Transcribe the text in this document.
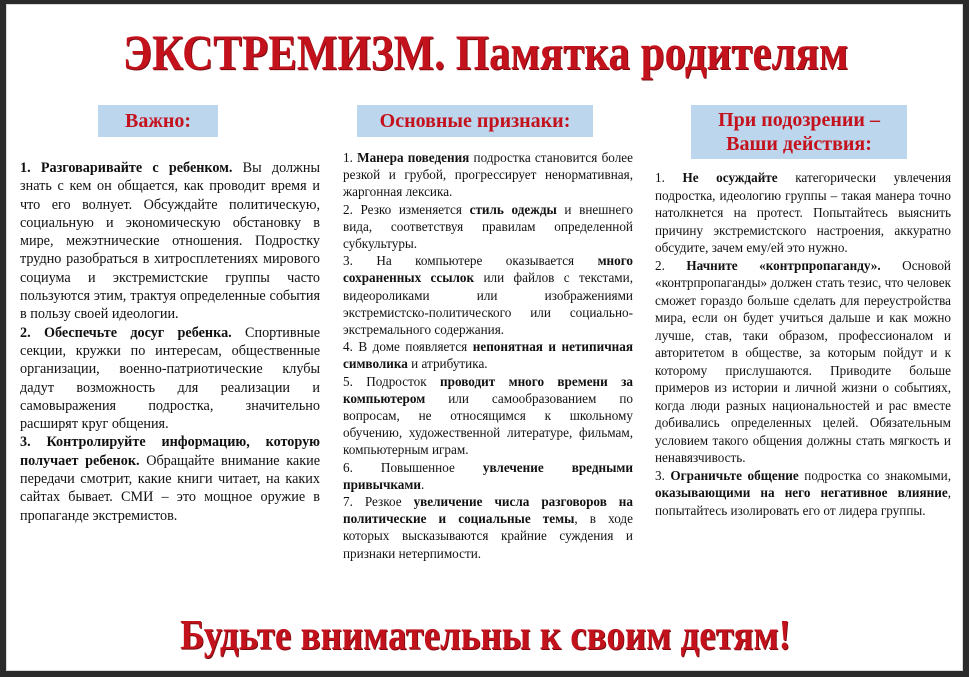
ЭКСТРЕМИЗМ. Памятка родителям
Важно:

1. Разговаривайте с ребенком. Вы должны знать с кем он общается, как проводит время и что его волнует. Обсуждайте политическую, социальную и экономическую обстановку в мире, межэтнические отношения. Подростку трудно разобраться в хитросплетениях мирового социума и экстремистские группы часто пользуются этим, трактуя определенные события в пользу своей идеологии.

2. Обеспечьте досуг ребенка. Спортивные секции, кружки по интересам, общественные организации, военно-патриотические клубы дадут возможность для реализации и самовыражения подростка, значительно расширят круг общения.

3. Контролируйте информацию, которую получает ребенок. Обращайте внимание какие передачи смотрит, какие книги читает, на каких сайтах бывает. СМИ – это мощное оружие в пропаганде экстремистов.

Основные признаки:

1. Манера поведения подростка становится более резкой и грубой, прогрессирует ненормативная, жаргонная лексика.

2. Резко изменяется стиль одежды и внешнего вида, соответствуя правилам определенной субкультуры.

3. На компьютере оказывается много сохраненных ссылок или файлов с текстами, видеороликами или изображениями экстремистско-политического или социально-экстремального содержания.

4. В доме появляется непонятная и нетипичная символика и атрибутика.

5. Подросток проводит много времени за компьютером или самообразованием по вопросам, не относящимся к школьному обучению, художественной литературе, фильмам, компьютерным играм.

6. Повышенное увлечение вредными привычками.

7. Резкое увеличение числа разговоров на политические и социальные темы, в ходе которых высказываются крайние суждения и признаки нетерпимости.

При подозрении – Ваши действия:

1. Не осуждайте категорически увлечения подростка, идеологию группы – такая манера точно натолкнется на протест. Попытайтесь выяснить причину экстремистского настроения, аккуратно обсудите, зачем ему/ей это нужно.

2. Начните «контрпропаганду». Основой «контрпропаганды» должен стать тезис, что человек сможет гораздо больше сделать для переустройства мира, если он будет учиться дальше и как можно лучше, став, таки образом, профессионалом и авторитетом в обществе, за которым пойдут и к которому прислушаются. Приводите больше примеров из истории и личной жизни о событиях, когда люди разных национальностей и рас вместе добивались определенных целей. Обязательным условием такого общения должны стать мягкость и ненавязчивость.

3. Ограничьте общение подростка со знакомыми, оказывающими на него негативное влияние, попытайтесь изолировать его от лидера группы.

Будьте внимательны к своим детям!
